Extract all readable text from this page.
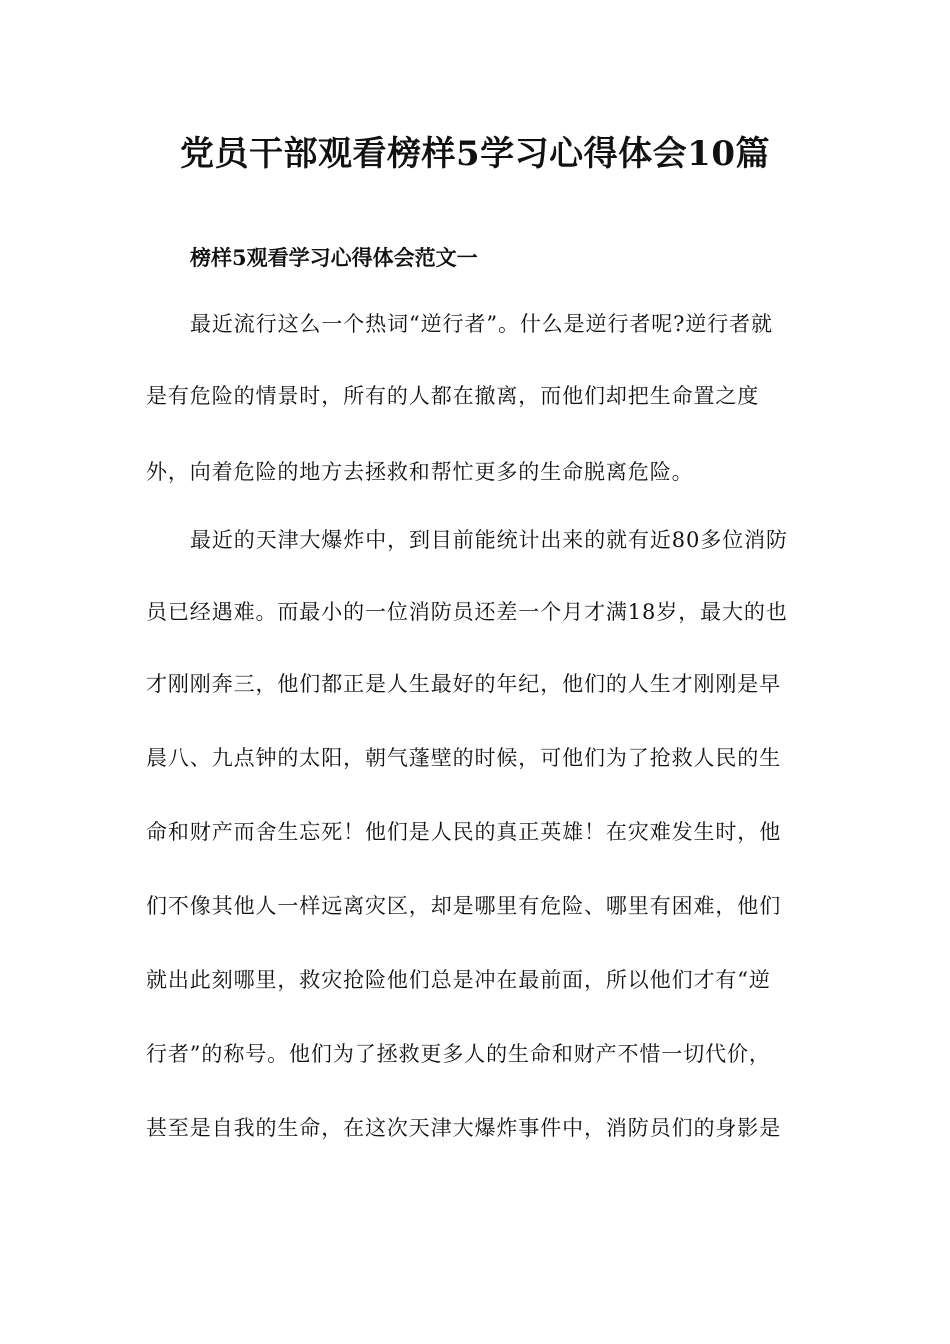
党员干部观看榜样5学习心得体会10篇
榜样5观看学习心得体会范文一
最近流行这么一个热词“逆行者”。什么是逆行者呢?逆行者就
是有危险的情景时，所有的人都在撤离，而他们却把生命置之度
外，向着危险的地方去拯救和帮忙更多的生命脱离危险。
最近的天津大爆炸中，到目前能统计出来的就有近80多位消防
员已经遇难。而最小的一位消防员还差一个月才满18岁，最大的也
才刚刚奔三，他们都正是人生最好的年纪，他们的人生才刚刚是早
晨八、九点钟的太阳，朝气蓬壁的时候，可他们为了抢救人民的生
命和财产而舍生忘死！他们是人民的真正英雄！在灾难发生时，他
们不像其他人一样远离灾区，却是哪里有危险、哪里有困难，他们
就出此刻哪里，救灾抢险他们总是冲在最前面，所以他们才有“逆
行者”的称号。他们为了拯救更多人的生命和财产不惜一切代价，
甚至是自我的生命，在这次天津大爆炸事件中，消防员们的身影是
